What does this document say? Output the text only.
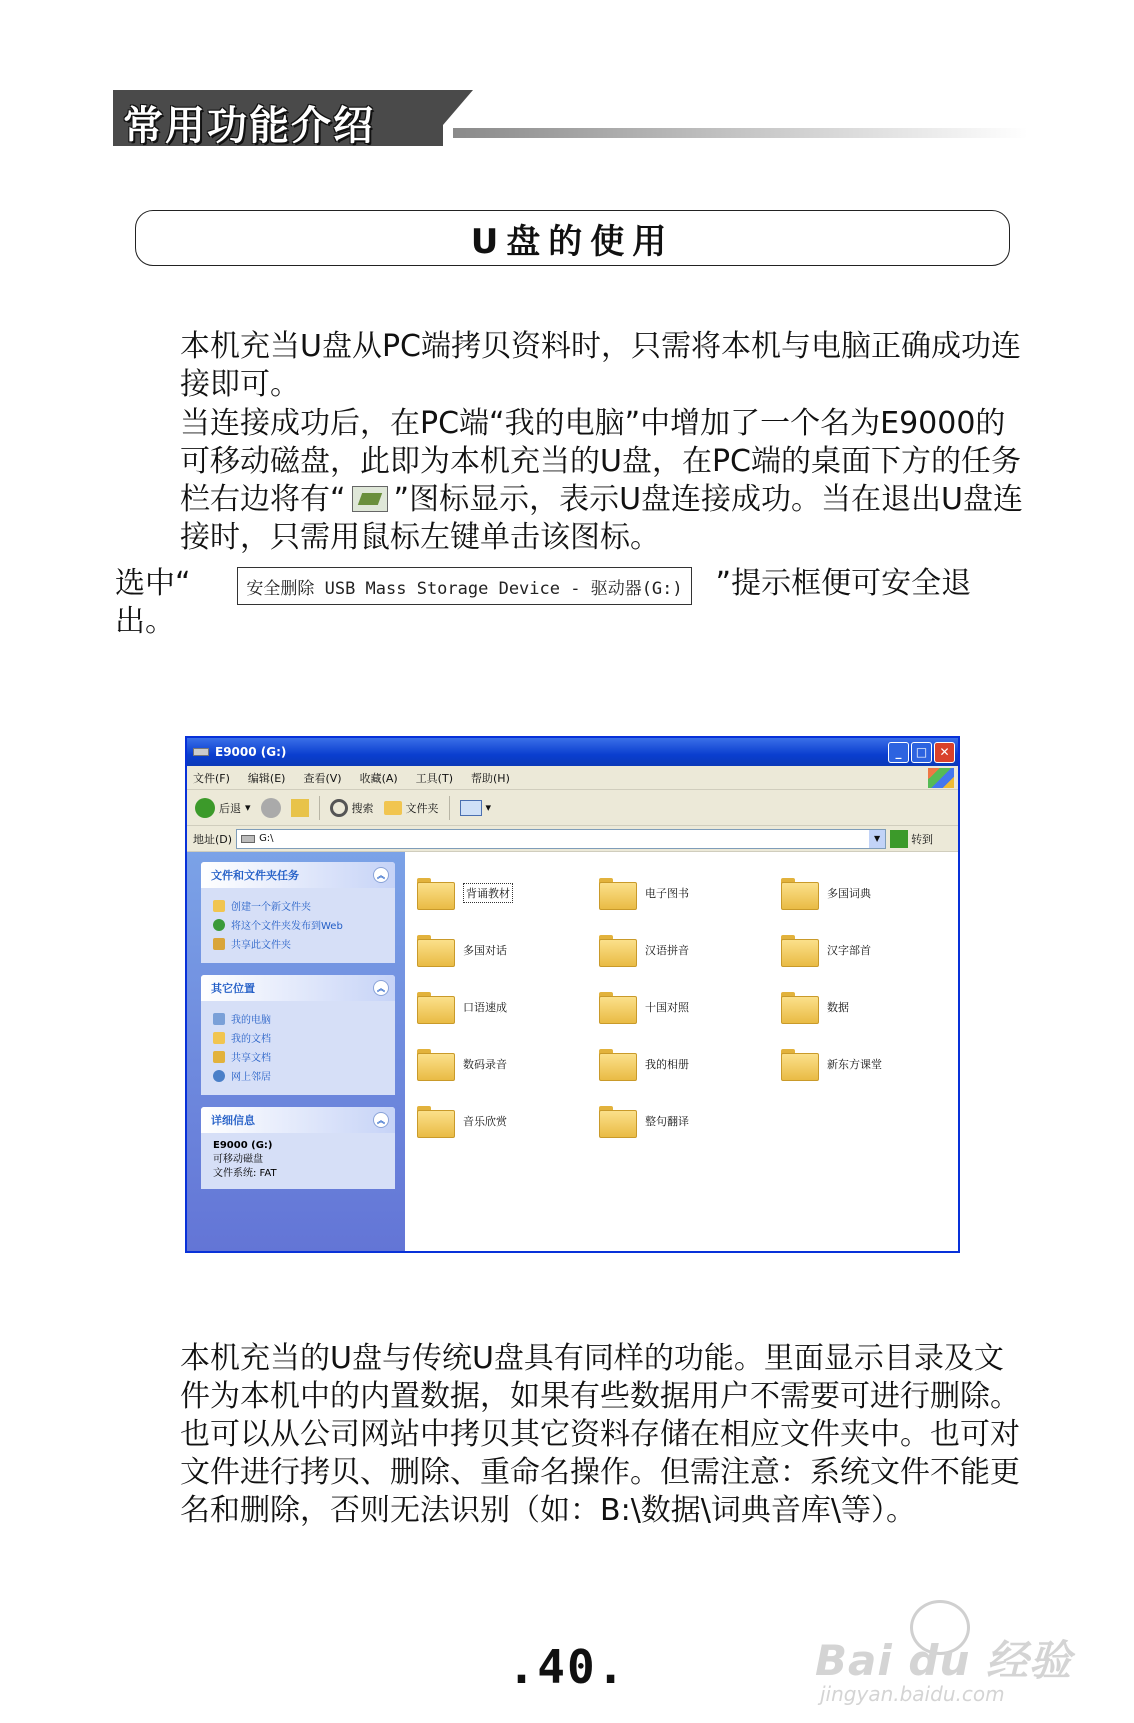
常用功能介绍
U盘的使用
本机充当U盘从PC端拷贝资料时，只需将本机与电脑正确成功连接即可。
当连接成功后，在PC端“我的电脑”中增加了一个名为E9000的可移动磁盘，此即为本机充当的U盘，在PC端的桌面下方的任务栏右边将有“ ”图标显示，表示U盘连接成功。当在退出U盘连接时，只需用鼠标左键单击该图标。
选中“	”提示框便可安全退出。
安全删除 USB Mass Storage Device - 驱动器(G:)
E9000 (G:)	_	□	✕
文件(F) 编辑(E) 查看(V) 收藏(A) 工具(T) 帮助(H)
后退 ▾	搜索	文件夹	▾
地址(D)	G:\	▼	转到
文件和文件夹任务	︽
创建一个新文件夹
将这个文件夹发布到Web
共享此文件夹
其它位置	︽
我的电脑
我的文档
共享文档
网上邻居
详细信息	︽
E9000 (G:)
可移动磁盘
文件系统: FAT
背诵教材	电子图书	多国词典
多国对话	汉语拼音	汉字部首
口语速成	十国对照	数据
数码录音	我的相册	新东方课堂
音乐欣赏	整句翻译
本机充当的U盘与传统U盘具有同样的功能。里面显示目录及文件为本机中的内置数据，如果有些数据用户不需要可进行删除。也可以从公司网站中拷贝其它资料存储在相应文件夹中。也可对文件进行拷贝、删除、重命名操作。但需注意：系统文件不能更名和删除，否则无法识别（如：B:\数据\词典音库\等）。
.40.	Bai du 经验
jingyan.baidu.com
